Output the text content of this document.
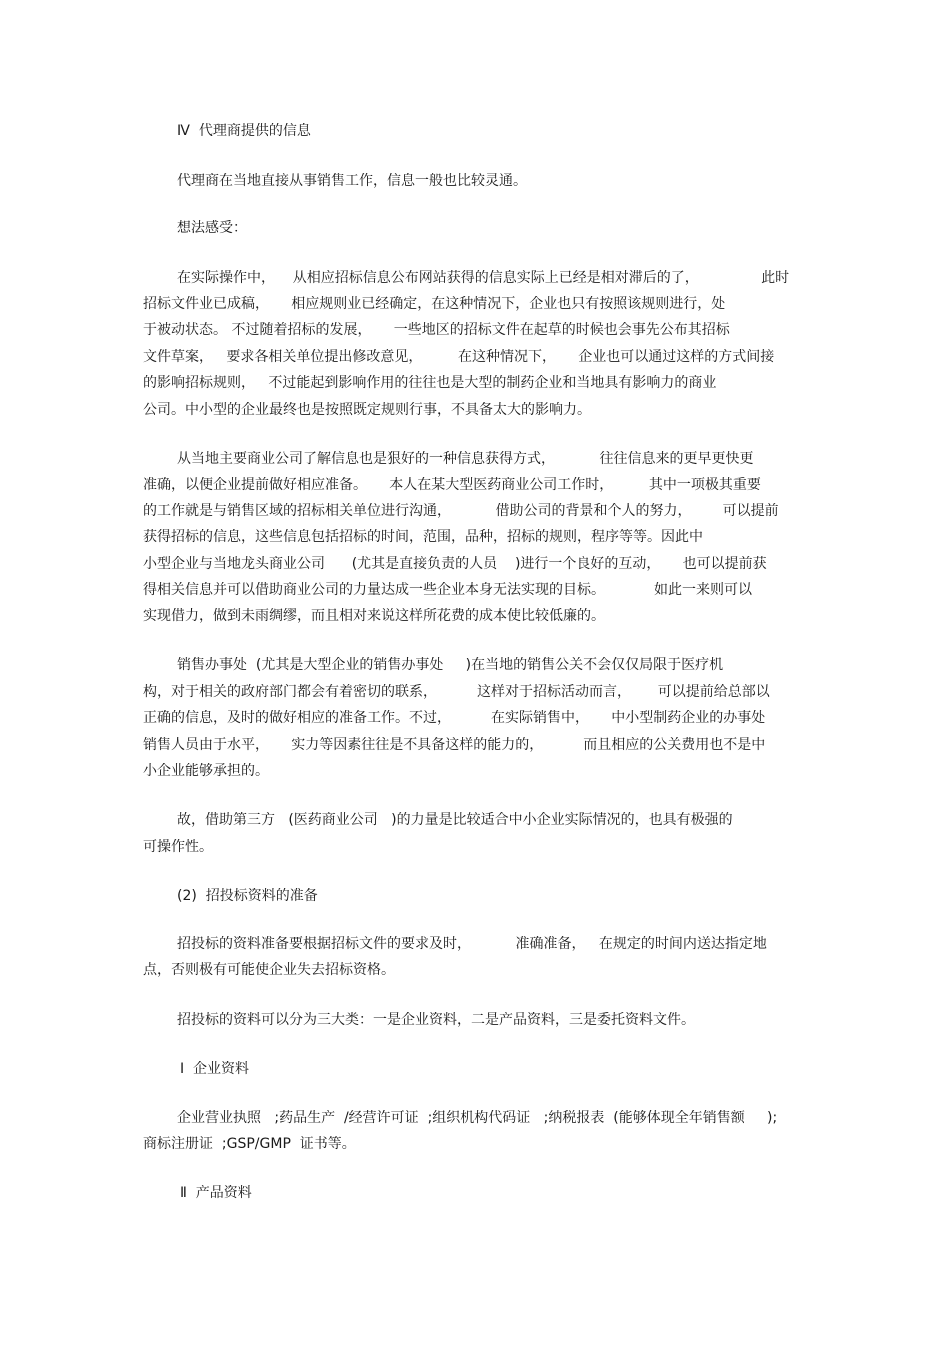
Ⅳ  代理商提供的信息

代理商在当地直接从事销售工作，信息一般也比较灵通。

想法感受：

在实际操作中，    从相应招标信息公布网站获得的信息实际上已经是相对滞后的了，              此时

招标文件业已成稿，     相应规则业已经确定，在这种情况下，企业也只有按照该规则进行，处

于被动状态。 不过随着招标的发展，     一些地区的招标文件在起草的时候也会事先公布其招标

文件草案，   要求各相关单位提出修改意见，        在这种情况下，     企业也可以通过这样的方式间接

的影响招标规则，   不过能起到影响作用的往往也是大型的制药企业和当地具有影响力的商业

公司。中小型的企业最终也是按照既定规则行事，不具备太大的影响力。

从当地主要商业公司了解信息也是狠好的一种信息获得方式，          往往信息来的更早更快更

准确，以便企业提前做好相应准备。     本人在某大型医药商业公司工作时，        其中一项极其重要

的工作就是与销售区域的招标相关单位进行沟通，          借助公司的背景和个人的努力，       可以提前

获得招标的信息，这些信息包括招标的时间，范围，品种，招标的规则，程序等等。因此中

小型企业与当地龙头商业公司      (尤其是直接负责的人员    )进行一个良好的互动，     也可以提前获

得相关信息并可以借助商业公司的力量达成一些企业本身无法实现的目标。           如此一来则可以

实现借力，做到未雨绸缪，而且相对来说这样所花费的成本使比较低廉的。

销售办事处  (尤其是大型企业的销售办事处     )在当地的销售公关不会仅仅局限于医疗机

构，对于相关的政府部门都会有着密切的联系，         这样对于招标活动而言，      可以提前给总部以

正确的信息，及时的做好相应的准备工作。不过，         在实际销售中，     中小型制药企业的办事处

销售人员由于水平，     实力等因素往往是不具备这样的能力的，         而且相应的公关费用也不是中

小企业能够承担的。

故，借助第三方   (医药商业公司   )的力量是比较适合中小企业实际情况的，也具有极强的

可操作性。

(2)  招投标资料的准备

招投标的资料准备要根据招标文件的要求及时，          准确准备，   在规定的时间内送达指定地

点，否则极有可能使企业失去招标资格。

招投标的资料可以分为三大类：一是企业资料，二是产品资料，三是委托资料文件。

Ⅰ  企业资料

企业营业执照   ;药品生产  /经营许可证  ;组织机构代码证   ;纳税报表  (能够体现全年销售额     );

商标注册证  ;GSP/GMP  证书等。

Ⅱ  产品资料
